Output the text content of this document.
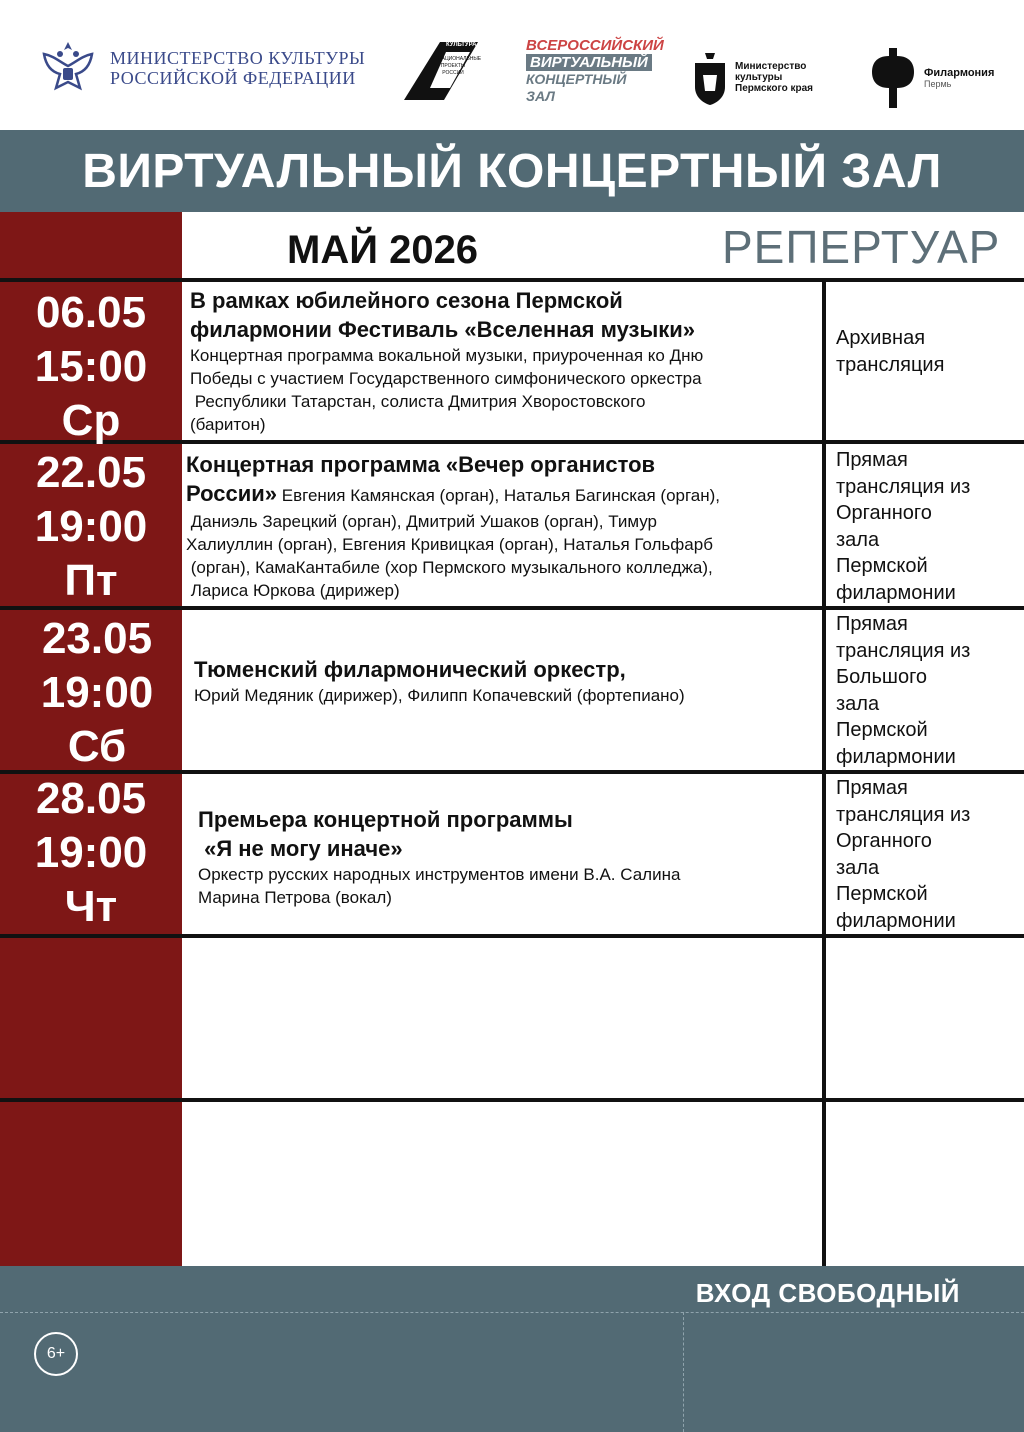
МИНИСТЕРСТВО КУЛЬТУРЫ
РОССИЙСКОЙ ФЕДЕРАЦИИ
КУЛЬТУРА
НАЦИОНАЛЬНЫЕ
ПРОЕКТЫ
РОССИИ
ВСЕРОССИЙСКИЙ
ВИРТУАЛЬНЫЙ
КОНЦЕРТНЫЙ ЗАЛ
Министерство
культуры
Пермского края
Филармония
Пермь
ВИРТУАЛЬНЫЙ КОНЦЕРТНЫЙ ЗАЛ
МАЙ 2026	РЕПЕРТУАР
06.05
15:00
Ср
В рамках юбилейного сезона Пермской
филармонии Фестиваль «Вселенная музыки»
Концертная программа вокальной музыки, приуроченная ко Дню
Победы с участием Государственного симфонического оркестра
Республики Татарстан, солиста Дмитрия Хворостовского
(баритон)
Архивная
трансляция
22.05
19:00
Пт
Концертная программа «Вечер органистов
России» Евгения Камянская (орган), Наталья Багинская (орган),
Даниэль Зарецкий (орган), Дмитрий Ушаков (орган), Тимур
Халиуллин (орган), Евгения Кривицкая (орган), Наталья Гольфарб
(орган), КамаКантабиле (хор Пермского музыкального колледжа),
Лариса Юркова (дирижер)
Прямая
трансляция из
Органного
зала
Пермской
филармонии
23.05
19:00
Сб
Тюменский филармонический оркестр,
Юрий Медяник (дирижер), Филипп Копачевский (фортепиано)
Прямая
трансляция из
Большого
зала
Пермской
филармонии
28.05
19:00
Чт
Премьера концертной программы
«Я не могу иначе»
Оркестр русских народных инструментов имени В.А. Салина
Марина Петрова (вокал)
Прямая
трансляция из
Органного
зала
Пермской
филармонии
ВХОД СВОБОДНЫЙ
6+
